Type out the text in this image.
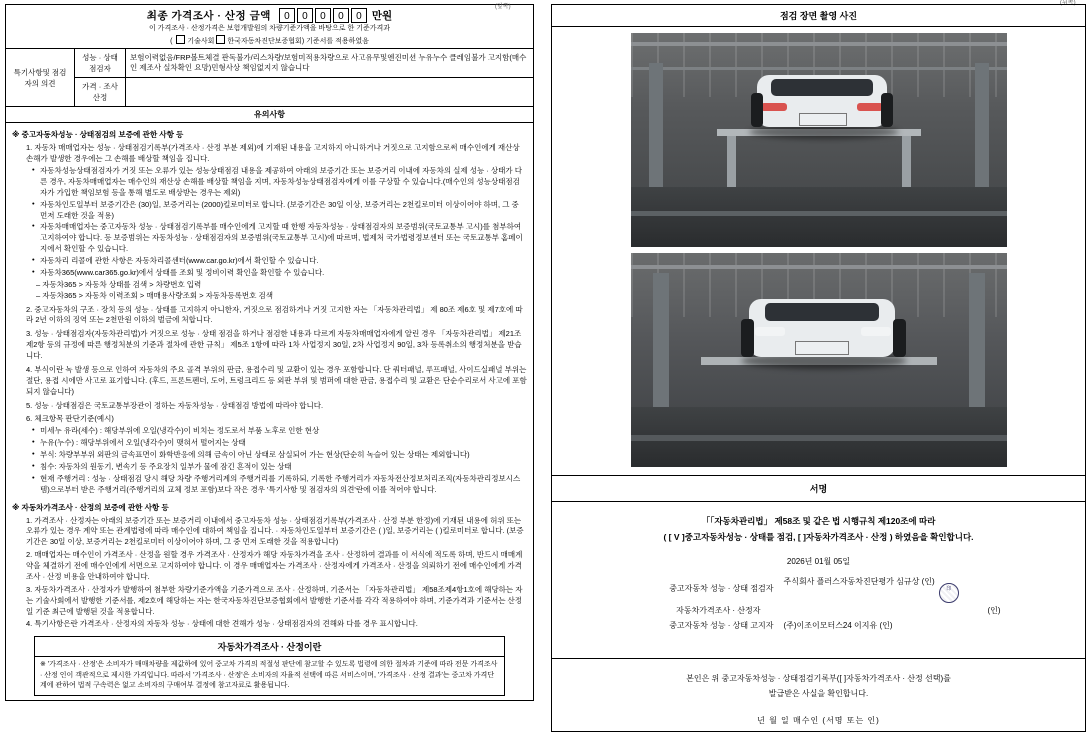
(앞쪽)
최종 가격조사 · 산정 금액	0	0	0	0	0 만원
이 가격조사 · 산정가격은 보험개발원의 차량기준가액을 바탕으로 한 기준가격과
( 기술사회 한국자동차진단보증협회) 기준서를 적용하였음
특기사항및 점검자의 의견	성능 · 상태점검자	보험이력없음/FRP볼트체결 판독불가/리스차량/보험미적용차량으로 사고유무및엔진미션 누유누수 클레임불가 고지함(매수인 제조사 실차확인 요망)민형사상 책임없지지 않습니다
	가격 · 조사산정	
유의사항
※ 중고자동차성능 · 상태점검의 보증에 관한 사항 등
1. 자동차 매매업자는 성능 · 상태점검기록부(가격조사 · 산정 부분 제외)에 기재된 내용을 고지하지 아니하거나 거짓으로 고지함으로써 매수인에게 재산상 손해가 발생한 경우에는 그 손해를 배상할 책임을 집니다.
• 자동차성능상태점검자가 거짓 또는 오류가 있는 성능상태점검 내용을 제공하여 아래의 보증기간 또는 보증거리 이내에 자동차의 실제 성능 · 상태가 다른 경우, 자동차매매업자는 매수인의 재산상 손해를 배상할 책임을 지며, 자동차성능상태점검자에게 이를 구상할 수 있습니다.(매수인의 성능상태점검자가 가입한 책임보험 등을 통해 별도로 배상받는 경우는 제외)
• 자동차인도일부터 보증기간은 (30)일, 보증거리는 (2000)킬로미터로 합니다. (보증기간은 30일 이상, 보증거리는 2천킬로미터 이상이어야 하며, 그 중 먼저 도래한 것을 적용)
• 자동차매매업자는 중고자동차 성능 · 상태점검기록부를 매수인에게 고지할 때 한행 자동차성능 · 상태점검자의 보증범위(국토교통부 고시)를 첨부하여 고지하여야 합니다. 등 보증범위는 자동차성능 · 상태점검자의 보증범위(국토교통부 고시)에 따르며, 법제처 국가법령정보센터 또는 국토교통부 홈페이지에서 확인할 수 있습니다.
• 자동차리 리콜에 관한 사항은 자동차리콜센터(www.car.go.kr)에서 확인할 수 있습니다.
• 자동차365(www.car365.go.kr)에서 상태를 조회 및 정비이력 확인을 확인할 수 있습니다.
– 자동차365 > 자동차 상태를 검색 > 차량번호 입력
– 자동차365 > 자동차 이력조회 > 매매용사량조회 > 자동차등록번호 검색
2. 중고자동차의 구조 · 장치 등의 성능 · 상태를 고지하지 아니한자, 거짓으로 점검하거나 거짓 고지한 자는 「자동차관리법」 제 80조 제6호 및 제7호에 따라 2년 이하의 징역 또는 2천만원 이하의 벌금에 처합니다.
3. 성능 · 상태점검자(자동차관리법)가 거짓으로 성능 · 상태 점검을 하거나 점검한 내용과 다르게 자동차매매업자에게 알린 경우 「자동차관리법」 제21조 제2항 등의 규정에 따른 행정처분의 기준과 절차에 관한 규칙」 제5조 1항에 따라 1차 사업정지 30일, 2차 사업정지 90일, 3차 등록취소의 행정처분을 받습니다.
4. 부식이란 녹 발생 등으로 인하여 자동차의 주요 골격 부위의 판금, 용접수리 및 교환이 있는 경우 포함합니다. 단 쿼터패널, 루프패널, 사이드실패널 부위는 절단, 용접 시에만 사고로 표기합니다. (후드, 프론트펜더, 도어, 트렁크리드 등 외판 부위 및 범퍼에 대한 판금, 용접수리 및 교환은 단순수리로서 사고에 포함되지 않습니다)
5. 성능 · 상태점검은 국토교통부장관이 정하는 자동차성능 · 상태점검 방법에 따라야 합니다.
6. 체크항목 판단기준(예시)
• 미세누 유라(세수) : 해당부위에 오일(냉각수)이 비치는 정도로서 부품 노후로 인한 현상
• 누유(누수) : 해당부위에서 오일(냉각수)이 맺혀서 떨어지는 상태
• 부식: 차량부부위 외판의 금속표면이 화학반응에 의해 금속이 아닌 상태로 삼실되어 가는 현상(단순히 녹슬어 있는 상태는 제외합니다)
• 침수: 자동차의 원동기, 변속기 등 주요장치 일부가 물에 잠긴 흔적이 있는 상태
• 현재 주행거리 : 성능 · 상태점검 당시 해당 차량 주행거리계의 주행거리를 기록하되, 기록한 주행거리가 자동차전산정보처리조직(자동차관리정보시스템)으로부터 받은 주행거리(주행거리의 교체 정보 포함)보다 작은 경우 '특기사항 및 점검자의 의견'란에 이를 적어야 합니다.
※ 자동차가격조사 · 산정의 보증에 관한 사항 등
1. 가격조사 · 산정자는 아래의 보증기간 또는 보증거리 이내에서 중고자동차 성능 · 상태점검기록부(가격조사 · 산정 부분 한정)에 기재된 내용에 허위 또는 오류가 있는 경우 계약 또는 관계법령에 따라 매수인에 대하여 책임을 집니다. · 자동차인도일부터 보증기간은 ( )일, 보증거리는 ( )킬로미터로 합니다. (보증기간은 30일 이상, 보증거리는 2천킬로미터 이상이어야 하며, 그 중 먼저 도래한 것을 적용합니다)
2. 매매업자는 매수인이 가격조사 · 산정을 원할 경우 가격조사 · 산정자가 해당 자동차가격을 조사 · 산정하여 결과를 이 서식에 적도록 하며, 반드시 매매계약을 체결하기 전에 매수인에게 서면으로 고지하여야 합니다. 이 경우 매매업자는 가격조사 · 산정자에게 가격조사 · 산정을 의뢰하기 전에 매수인에게 가격조사 · 산정 비용을 안내하여야 합니다.
3. 자동차가격조사 · 산정자가 발행하여 첨부한 차량기준가액을 기준가격으로 조사 · 산정하며, 기준서는 「자동차관리법」 제58조제4항1호에 해당하는 자는 기술사회에서 발행한 기준서를, 제2호에 해당하는 자는 한국자동차진단보증협회에서 발행한 기준서를 각각 적용하여야 하며, 기준가격과 기준서는 산정일 기준 최근에 발행된 것을 적용합니다.
4. 특기사항은란 가격조사 · 산정자의 자동차 성능 · 상태에 대한 견해가 성능 · 상태점검자의 견해와 다를 경우 표시합니다.
자동차가격조사 · 산정이란
※ '가격조사 · 산정'은 소비자가 매매차량을 제값하에 있어 중고차 가격의 적절성 판단에 참고할 수 있도록 법령에 의한 절차과 기준에 따라 전문 가격조사 · 산정 인이 객관적으로 제시한 가격입니다. 따라서 '가격조사 · 산정'은 소비자의 자율적 선택에 따른 서비스이며, '가격조사 · 산정 결과'는 중고차 가격단계에 관하여 법적 구속력은 없고 소비자의 구매여부 결정에 참고자료로 활용됩니다.
(뒤쪽)
점검 장면 촬영 사진
서명
「「자동차관리법」 제58조 및 같은 법 시행규칙 제120조에 따라
( [ V ]중고자동차성능 · 상태를 점검, [ ]자동차가격조사 · 산정 ) 하였음을 확인합니다.
2026년 01월 05일
중고자동차 성능 · 상태 점검자
주식회사 플러스자동차진단평가 심규상 (인) 印
자동차가격조사 · 산정자	(인)
중고자동차 성능 · 상태 고지자 (주)이조이모터스24 이지유 (인)
본인은 위 중고자동차성능 · 상태점검기록부([ ]자동차가격조사 · 산정 선택)를
발급받은 사실을 확인합니다.
년 월 일 매수인 (서명 또는 인)
